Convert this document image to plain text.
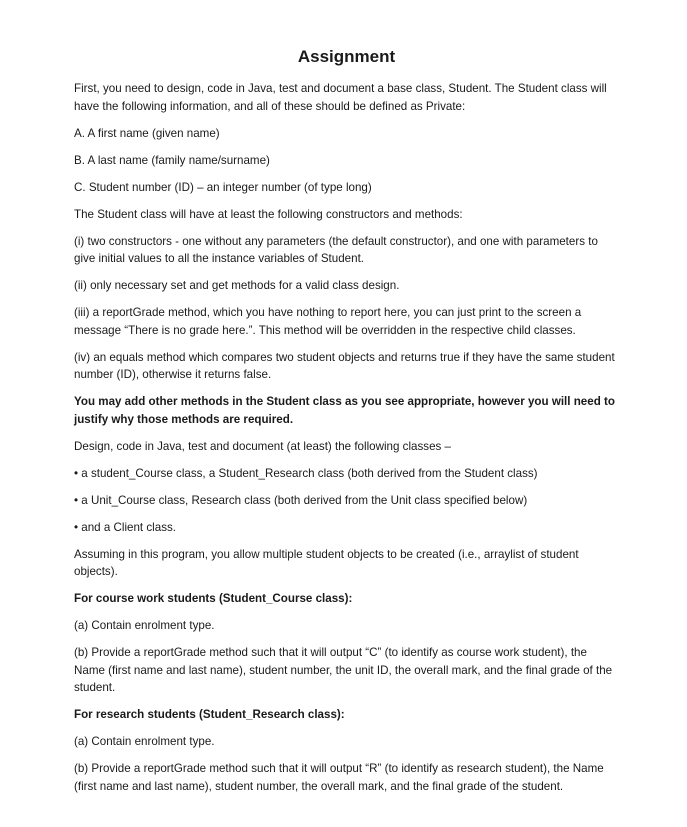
Assignment

First, you need to design, code in Java, test and document a base class, Student. The Student class will have the following information, and all of these should be defined as Private:

A. A first name (given name)

B. A last name (family name/surname)

C. Student number (ID) – an integer number (of type long)

The Student class will have at least the following constructors and methods:

(i) two constructors - one without any parameters (the default constructor), and one with parameters to give initial values to all the instance variables of Student.

(ii) only necessary set and get methods for a valid class design.

(iii) a reportGrade method, which you have nothing to report here, you can just print to the screen a message “There is no grade here.”. This method will be overridden in the respective child classes.

(iv) an equals method which compares two student objects and returns true if they have the same student number (ID), otherwise it returns false.

You may add other methods in the Student class as you see appropriate, however you will need to justify why those methods are required.

Design, code in Java, test and document (at least) the following classes –

• a student_Course class, a Student_Research class (both derived from the Student class)

• a Unit_Course class, Research class (both derived from the Unit class specified below)

• and a Client class.

Assuming in this program, you allow multiple student objects to be created (i.e., arraylist of student objects).

For course work students (Student_Course class):

(a) Contain enrolment type.

(b) Provide a reportGrade method such that it will output “C” (to identify as course work student), the Name (first name and last name), student number, the unit ID, the overall mark, and the final grade of the student.

For research students (Student_Research class):

(a) Contain enrolment type.

(b) Provide a reportGrade method such that it will output “R” (to identify as research student), the Name (first name and last name), student number, the overall mark, and the final grade of the student.
